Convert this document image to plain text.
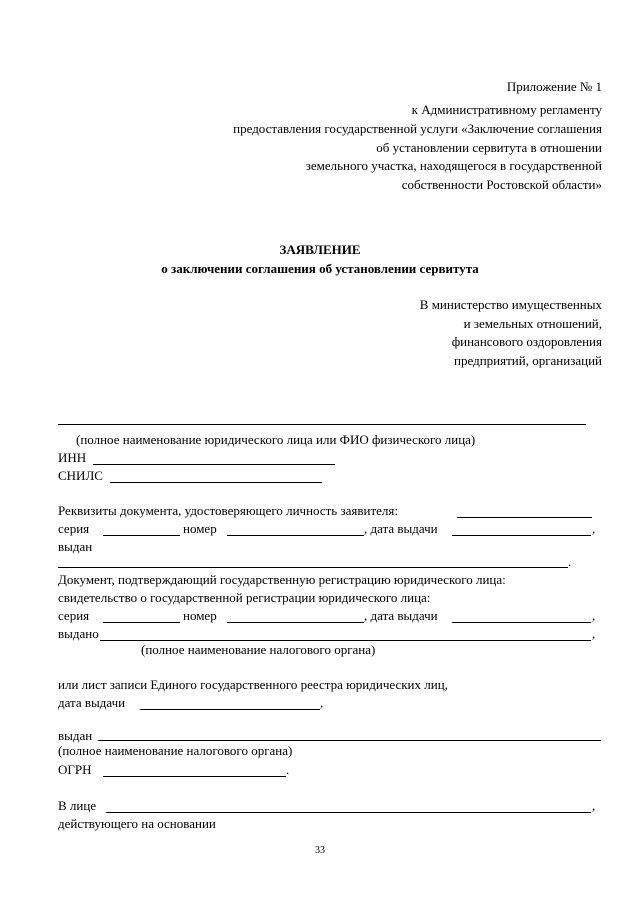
Приложение № 1
к Административному регламенту
предоставления государственной услуги «Заключение соглашения
об установлении сервитута в отношении
земельного участка, находящегося в государственной
собственности Ростовской области»
ЗАЯВЛЕНИЕ
о заключении соглашения об установлении сервитута
В министерство имущественных
и земельных отношений,
финансового оздоровления
предприятий, организаций
(полное наименование юридического лица или ФИО физического лица)
ИНН
СНИЛС
Реквизиты документа, удостоверяющего личность заявителя:
серия	номер	, дата выдачи	,
выдан
.
Документ, подтверждающий государственную регистрацию юридического лица:
свидетельство о государственной регистрации юридического лица:
серия	номер	, дата выдачи	,
выдано	,
(полное наименование налогового органа)
или лист записи Единого государственного реестра юридических лиц,
дата выдачи	,
выдан
(полное наименование налогового органа)
ОГРН	.
В лице	,
действующего на основании
33
